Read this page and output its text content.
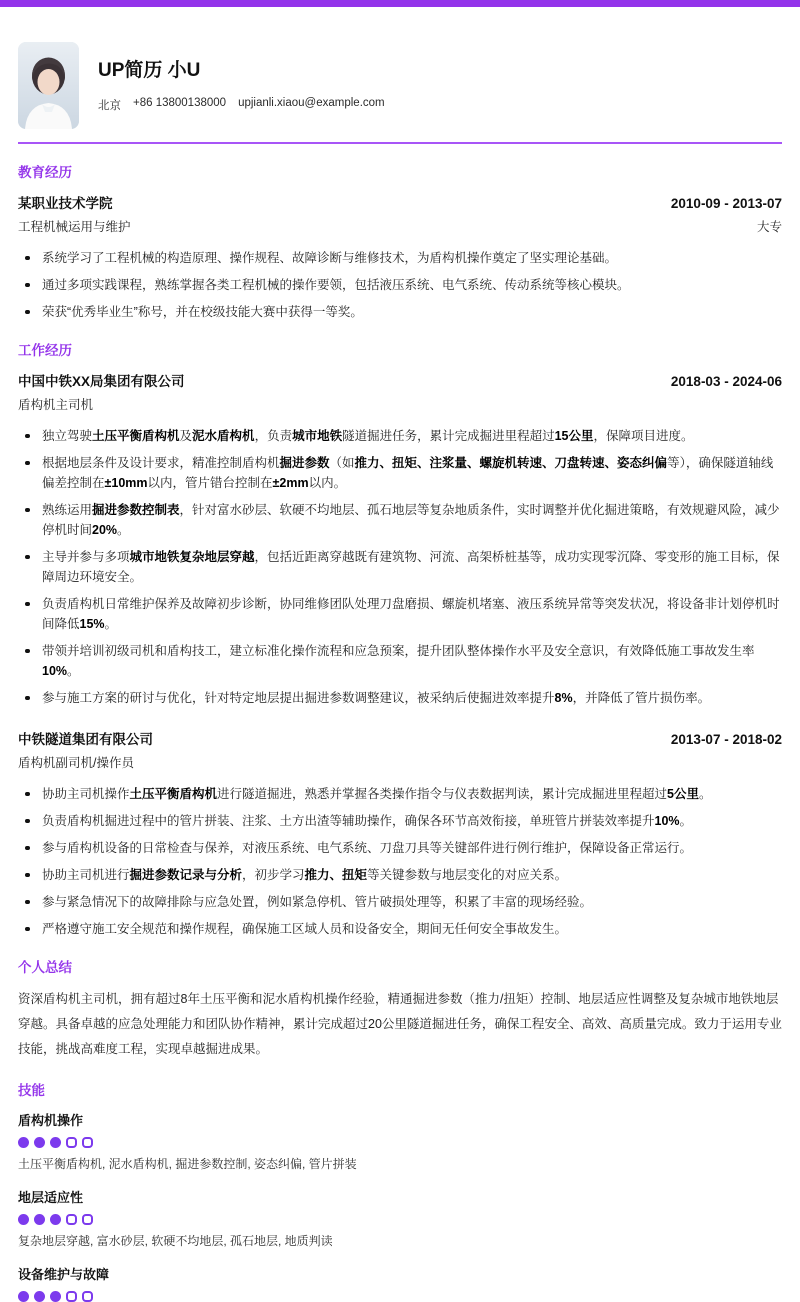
UP简历 小U
北京 +86 13800138000 upjianli.xiaou@example.com
教育经历
某职业技术学院	2010-09 - 2013-07
工程机械运用与维护	大专
系统学习了工程机械的构造原理、操作规程、故障诊断与维修技术，为盾构机操作奠定了坚实理论基础。
通过多项实践课程，熟练掌握各类工程机械的操作要领，包括液压系统、电气系统、传动系统等核心模块。
荣获“优秀毕业生”称号，并在校级技能大赛中获得一等奖。
工作经历
中国中铁XX局集团有限公司	2018-03 - 2024-06
盾构机主司机
独立驾驶土压平衡盾构机及泥水盾构机，负责城市地铁隧道掘进任务，累计完成掘进里程超过15公里，保障项目进度。
根据地层条件及设计要求，精准控制盾构机掘进参数（如推力、扭矩、注浆量、螺旋机转速、刀盘转速、姿态纠偏等），确保隧道轴线偏差控制在±10mm以内，管片错台控制在±2mm以内。
熟练运用掘进参数控制表，针对富水砂层、软硬不均地层、孤石地层等复杂地质条件，实时调整并优化掘进策略，有效规避风险，减少停机时间20%。
主导并参与多项城市地铁复杂地层穿越，包括近距离穿越既有建筑物、河流、高架桥桩基等，成功实现零沉降、零变形的施工目标，保障周边环境安全。
负责盾构机日常维护保养及故障初步诊断，协同维修团队处理刀盘磨损、螺旋机堵塞、液压系统异常等突发状况，将设备非计划停机时间降低15%。
带领并培训初级司机和盾构技工，建立标准化操作流程和应急预案，提升团队整体操作水平及安全意识，有效降低施工事故发生率10%。
参与施工方案的研讨与优化，针对特定地层提出掘进参数调整建议，被采纳后使掘进效率提升8%，并降低了管片损伤率。
中铁隧道集团有限公司	2013-07 - 2018-02
盾构机副司机/操作员
协助主司机操作土压平衡盾构机进行隧道掘进，熟悉并掌握各类操作指令与仪表数据判读，累计完成掘进里程超过5公里。
负责盾构机掘进过程中的管片拼装、注浆、土方出渣等辅助操作，确保各环节高效衔接，单班管片拼装效率提升10%。
参与盾构机设备的日常检查与保养，对液压系统、电气系统、刀盘刀具等关键部件进行例行维护，保障设备正常运行。
协助主司机进行掘进参数记录与分析，初步学习推力、扭矩等关键参数与地层变化的对应关系。
参与紧急情况下的故障排除与应急处置，例如紧急停机、管片破损处理等，积累了丰富的现场经验。
严格遵守施工安全规范和操作规程，确保施工区域人员和设备安全，期间无任何安全事故发生。
个人总结

资深盾构机主司机，拥有超过8年土压平衡和泥水盾构机操作经验，精通掘进参数（推力/扭矩）控制、地层适应性调整及复杂城市地铁地层穿越。具备卓越的应急处理能力和团队协作精神，累计完成超过20公里隧道掘进任务，确保工程安全、高效、高质量完成。致力于运用专业技能，挑战高难度工程，实现卓越掘进成果。

技能
盾构机操作
土压平衡盾构机, 泥水盾构机, 掘进参数控制, 姿态纠偏, 管片拼装
地层适应性
复杂地层穿越, 富水砂层, 软硬不均地层, 孤石地层, 地质判读
设备维护与故障
